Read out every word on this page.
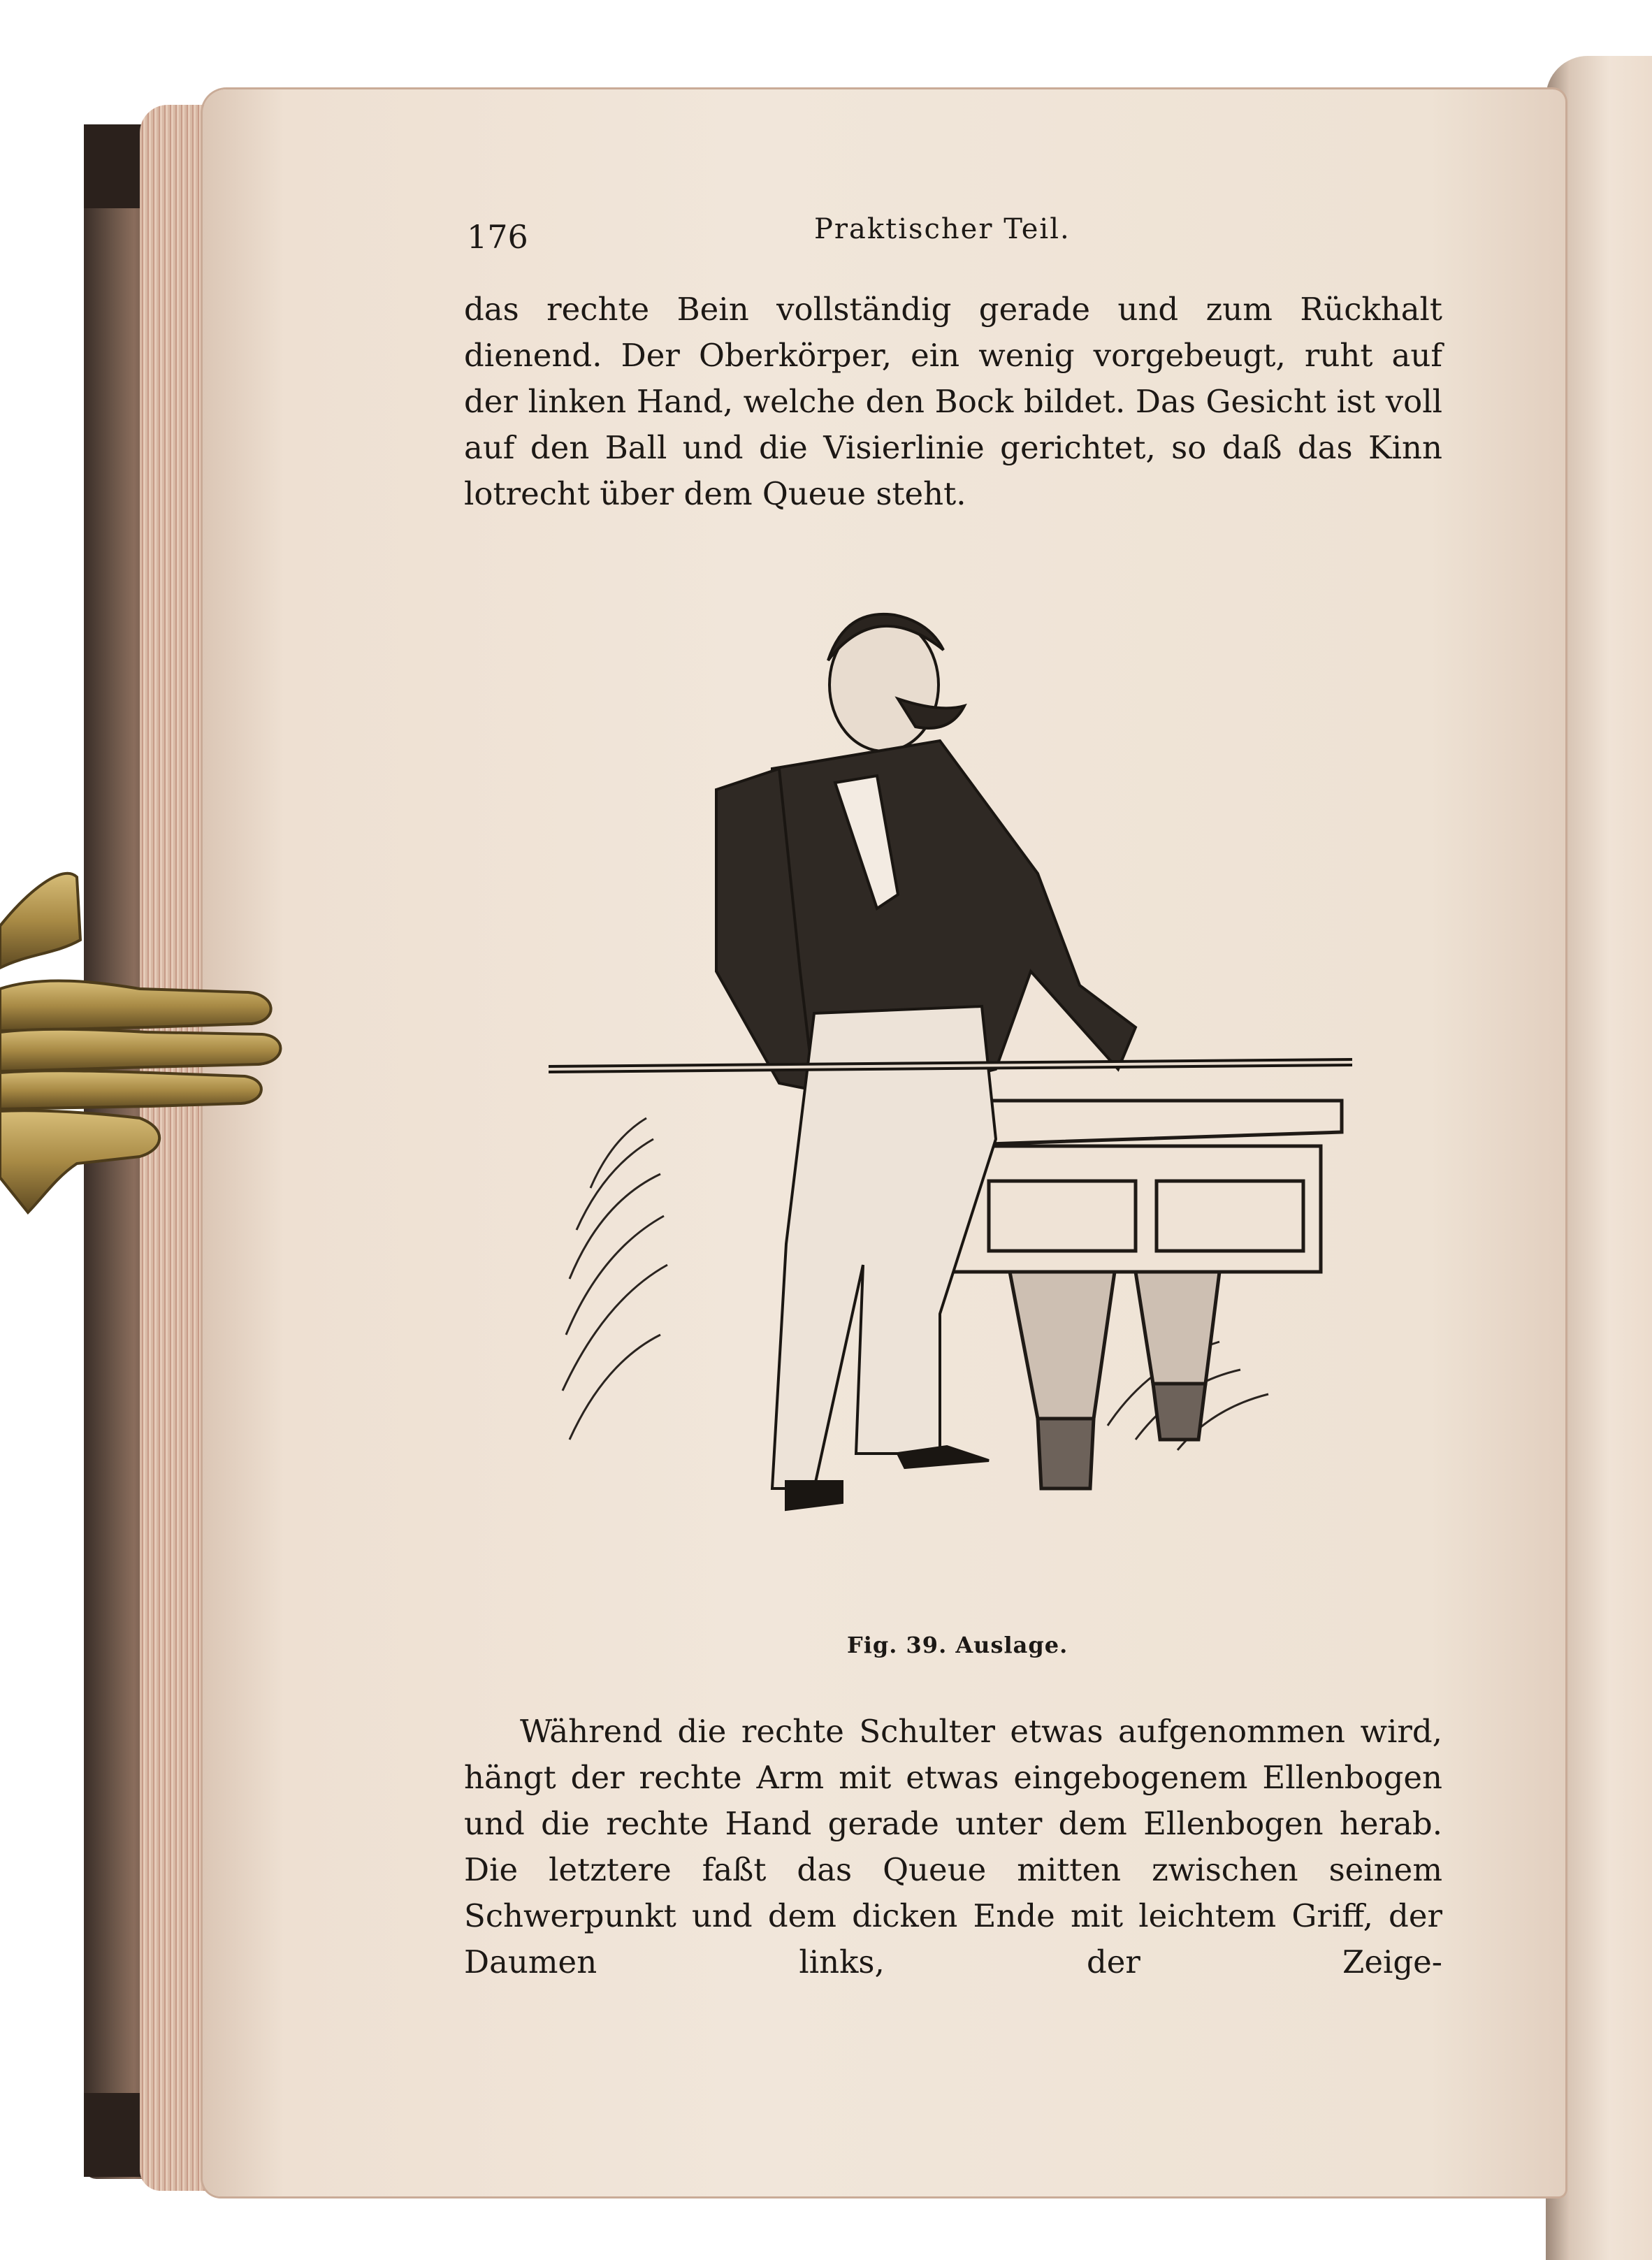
176	Praktischer Teil.
das rechte Bein vollständig gerade und zum Rückhalt dienend. Der Oberkörper, ein wenig vorgebeugt, ruht auf der linken Hand, welche den Bock bildet. Das Gesicht ist voll auf den Ball und die Visierlinie gerichtet, so daß das Kinn lotrecht über dem Queue steht.
Fig. 39. Auslage.
Während die rechte Schulter etwas aufgenommen wird, hängt der rechte Arm mit etwas eingebogenem Ellenbogen und die rechte Hand gerade unter dem Ellenbogen herab. Die letztere faßt das Queue mitten zwischen seinem Schwerpunkt und dem dicken Ende mit leichtem Griff, der Daumen links, der Zeige-
